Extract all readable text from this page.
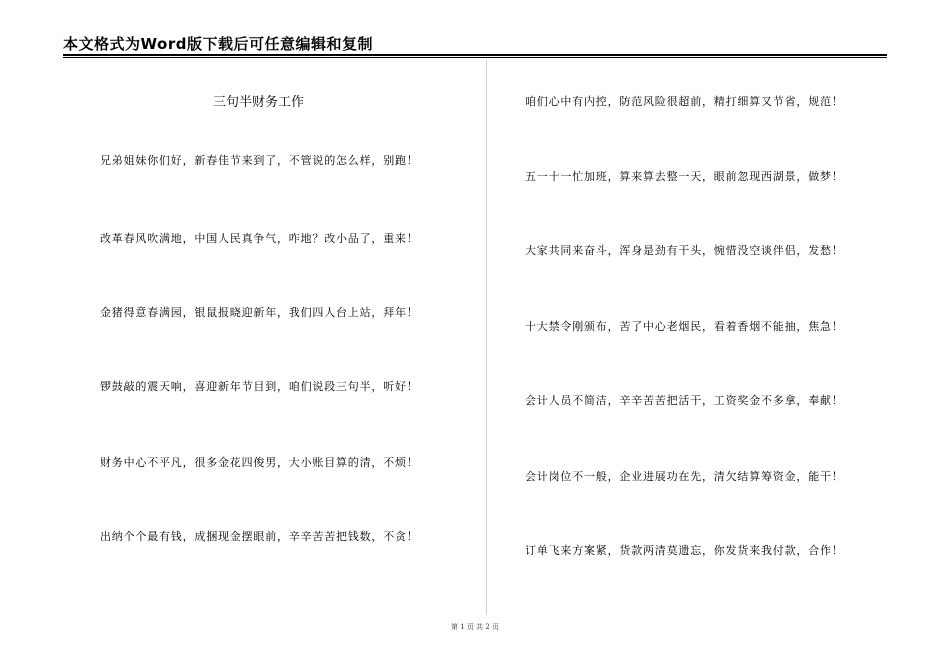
本文格式为Word版下载后可任意编辑和复制
三句半财务工作
兄弟姐妹你们好，新春佳节来到了，不管说的怎么样，别跑！
改革春风吹满地，中国人民真争气，咋地？改小品了，重来！
金猪得意春满园，银鼠报晓迎新年，我们四人台上站，拜年！
锣鼓敲的震天响，喜迎新年节目到，咱们说段三句半，听好！
财务中心不平凡，很多金花四俊男，大小账目算的清，不烦！
出纳个个最有钱，成捆现金摆眼前，辛辛苦苦把钱数，不贪！
咱们心中有内控，防范风险很超前，精打细算又节省，规范！
五一十一忙加班，算来算去整一天，眼前忽现西湖景，做梦！
大家共同来奋斗，浑身是劲有干头，惋惜没空谈伴侣，发愁！
十大禁令刚颁布，苦了中心老烟民，看着香烟不能抽，焦急！
会计人员不简洁，辛辛苦苦把活干，工资奖金不多拿，奉献！
会计岗位不一般，企业进展功在先，清欠结算筹资金，能干！
订单飞来方案紧，货款两清莫遗忘，你发货来我付款，合作！
第 1 页 共 2 页
